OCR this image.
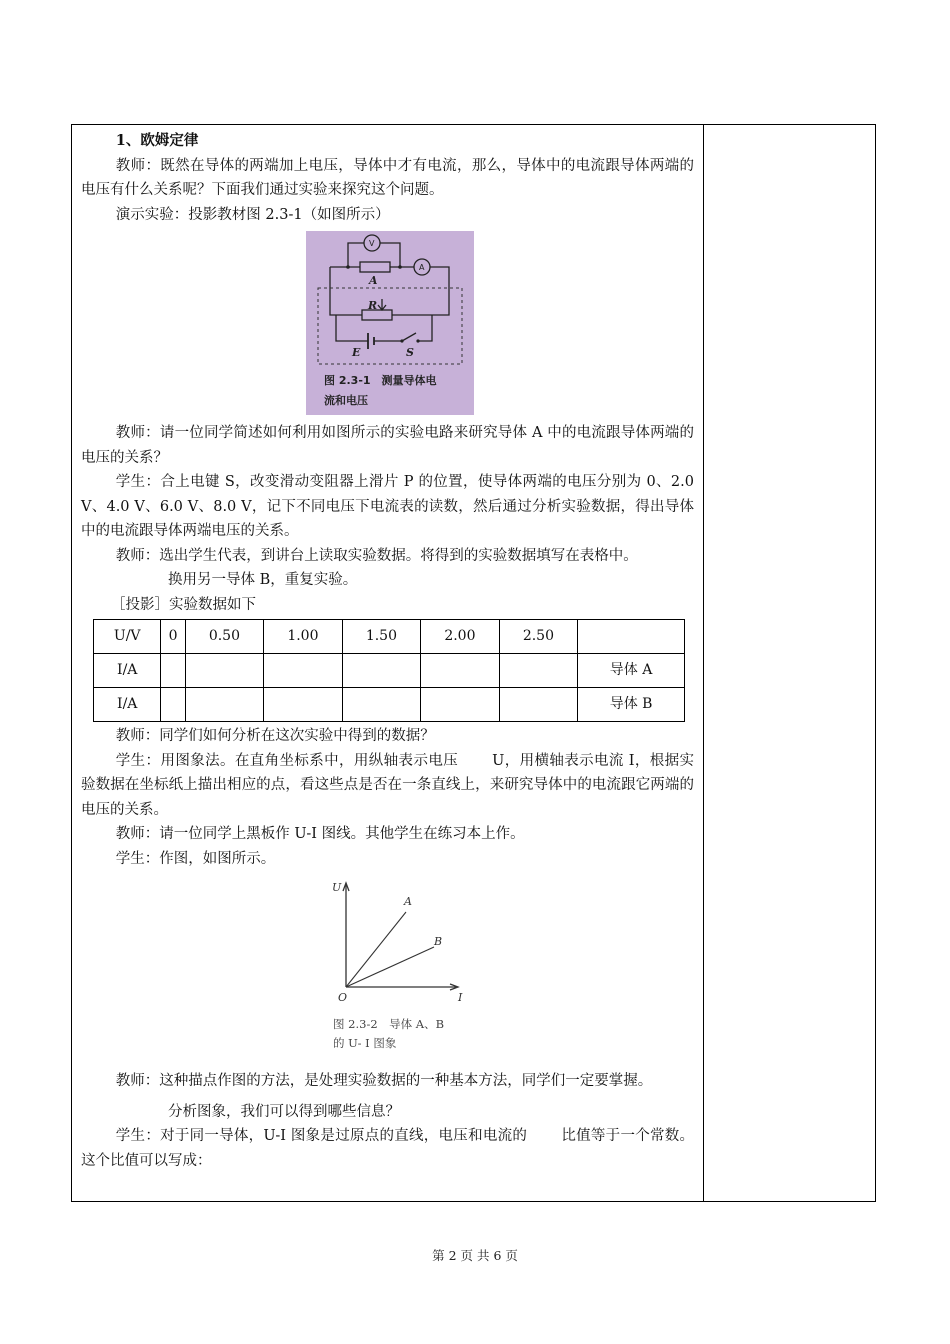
1、欧姆定律

教师：既然在导体的两端加上电压，导体中才有电流，那么，导体中的电流跟导体两端的电压有什么关系呢？下面我们通过实验来探究这个问题。

演示实验：投影教材图 2.3-1（如图所示）

V
A
A
R
E	S
图 2.3-1　测量导体电
流和电压

教师：请一位同学简述如何利用如图所示的实验电路来研究导体 A 中的电流跟导体两端的电压的关系？

学生：合上电键 S，改变滑动变阻器上滑片 P 的位置，使导体两端的电压分别为 0、2.0 V、4.0 V、6.0 V、8.0 V，记下不同电压下电流表的读数，然后通过分析实验数据，得出导体中的电流跟导体两端电压的关系。

教师：选出学生代表，到讲台上读取实验数据。将得到的实验数据填写在表格中。

换用另一导体 B，重复实验。

［投影］实验数据如下

U/V	0	0.50	1.00	1.50	2.00	2.50	
I/A							导体 A
I/A							导体 B

教师：同学们如何分析在这次实验中得到的数据？

学生：用图象法。在直角坐标系中，用纵轴表示电压 U，用横轴表示电流 I，根据实验数据在坐标纸上描出相应的点，看这些点是否在一条直线上，来研究导体中的电流跟它两端的电压的关系。

教师：请一位同学上黑板作 U-I 图线。其他学生在练习本上作。

学生：作图，如图所示。

U
I
O
A
B
图 2.3-2　导体 A、B
的 U- I 图象

教师：这种描点作图的方法，是处理实验数据的一种基本方法，同学们一定要掌握。

分析图象，我们可以得到哪些信息？

学生：对于同一导体，U-I 图象是过原点的直线，电压和电流的 比值等于一个常数。这个比值可以写成：

第 2 页 共 6 页
